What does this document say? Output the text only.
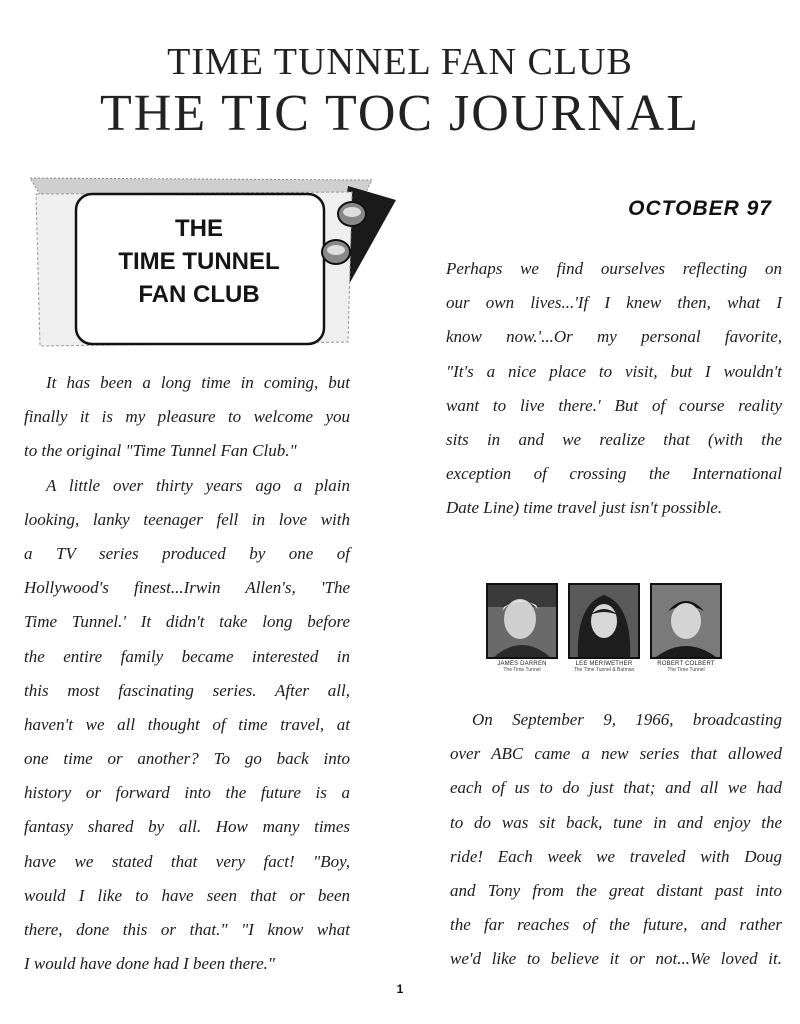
TIME TUNNEL FAN CLUB
THE TIC TOC JOURNAL
THE
TIME TUNNEL
FAN CLUB
OCTOBER 97
It has been a long time in coming, but
finally it is my pleasure to welcome you
to the original "Time Tunnel Fan Club."
A little over thirty years ago a plain
looking, lanky teenager fell in love with
a TV series produced by one of
Hollywood's finest...Irwin Allen's, 'The
Time Tunnel.' It didn't take long before
the entire family became interested in
this most fascinating series. After all,
haven't we all thought of time travel, at
one time or another? To go back into
history or forward into the future is a
fantasy shared by all. How many times
have we stated that very fact! "Boy,
would I like to have seen that or been
there, done this or that." "I know what
I would have done had I been there."
Perhaps we find ourselves reflecting on
our own lives...'If I knew then, what I
know now.'...Or my personal favorite,
"It's a nice place to visit, but I wouldn't
want to live there.' But of course reality
sits in and we realize that (with the
exception of crossing the International
Date Line) time travel just isn't possible.
JAMES DARREN
The Time Tunnel
LEE MERIWETHER
The Time Tunnel & Batman
ROBERT COLBERT
The Time Tunnel
On September 9, 1966, broadcasting
over ABC came a new series that allowed
each of us to do just that; and all we had
to do was sit back, tune in and enjoy the
ride! Each week we traveled with Doug
and Tony from the great distant past into
the far reaches of the future, and rather
we'd like to believe it or not...We loved it.
1
